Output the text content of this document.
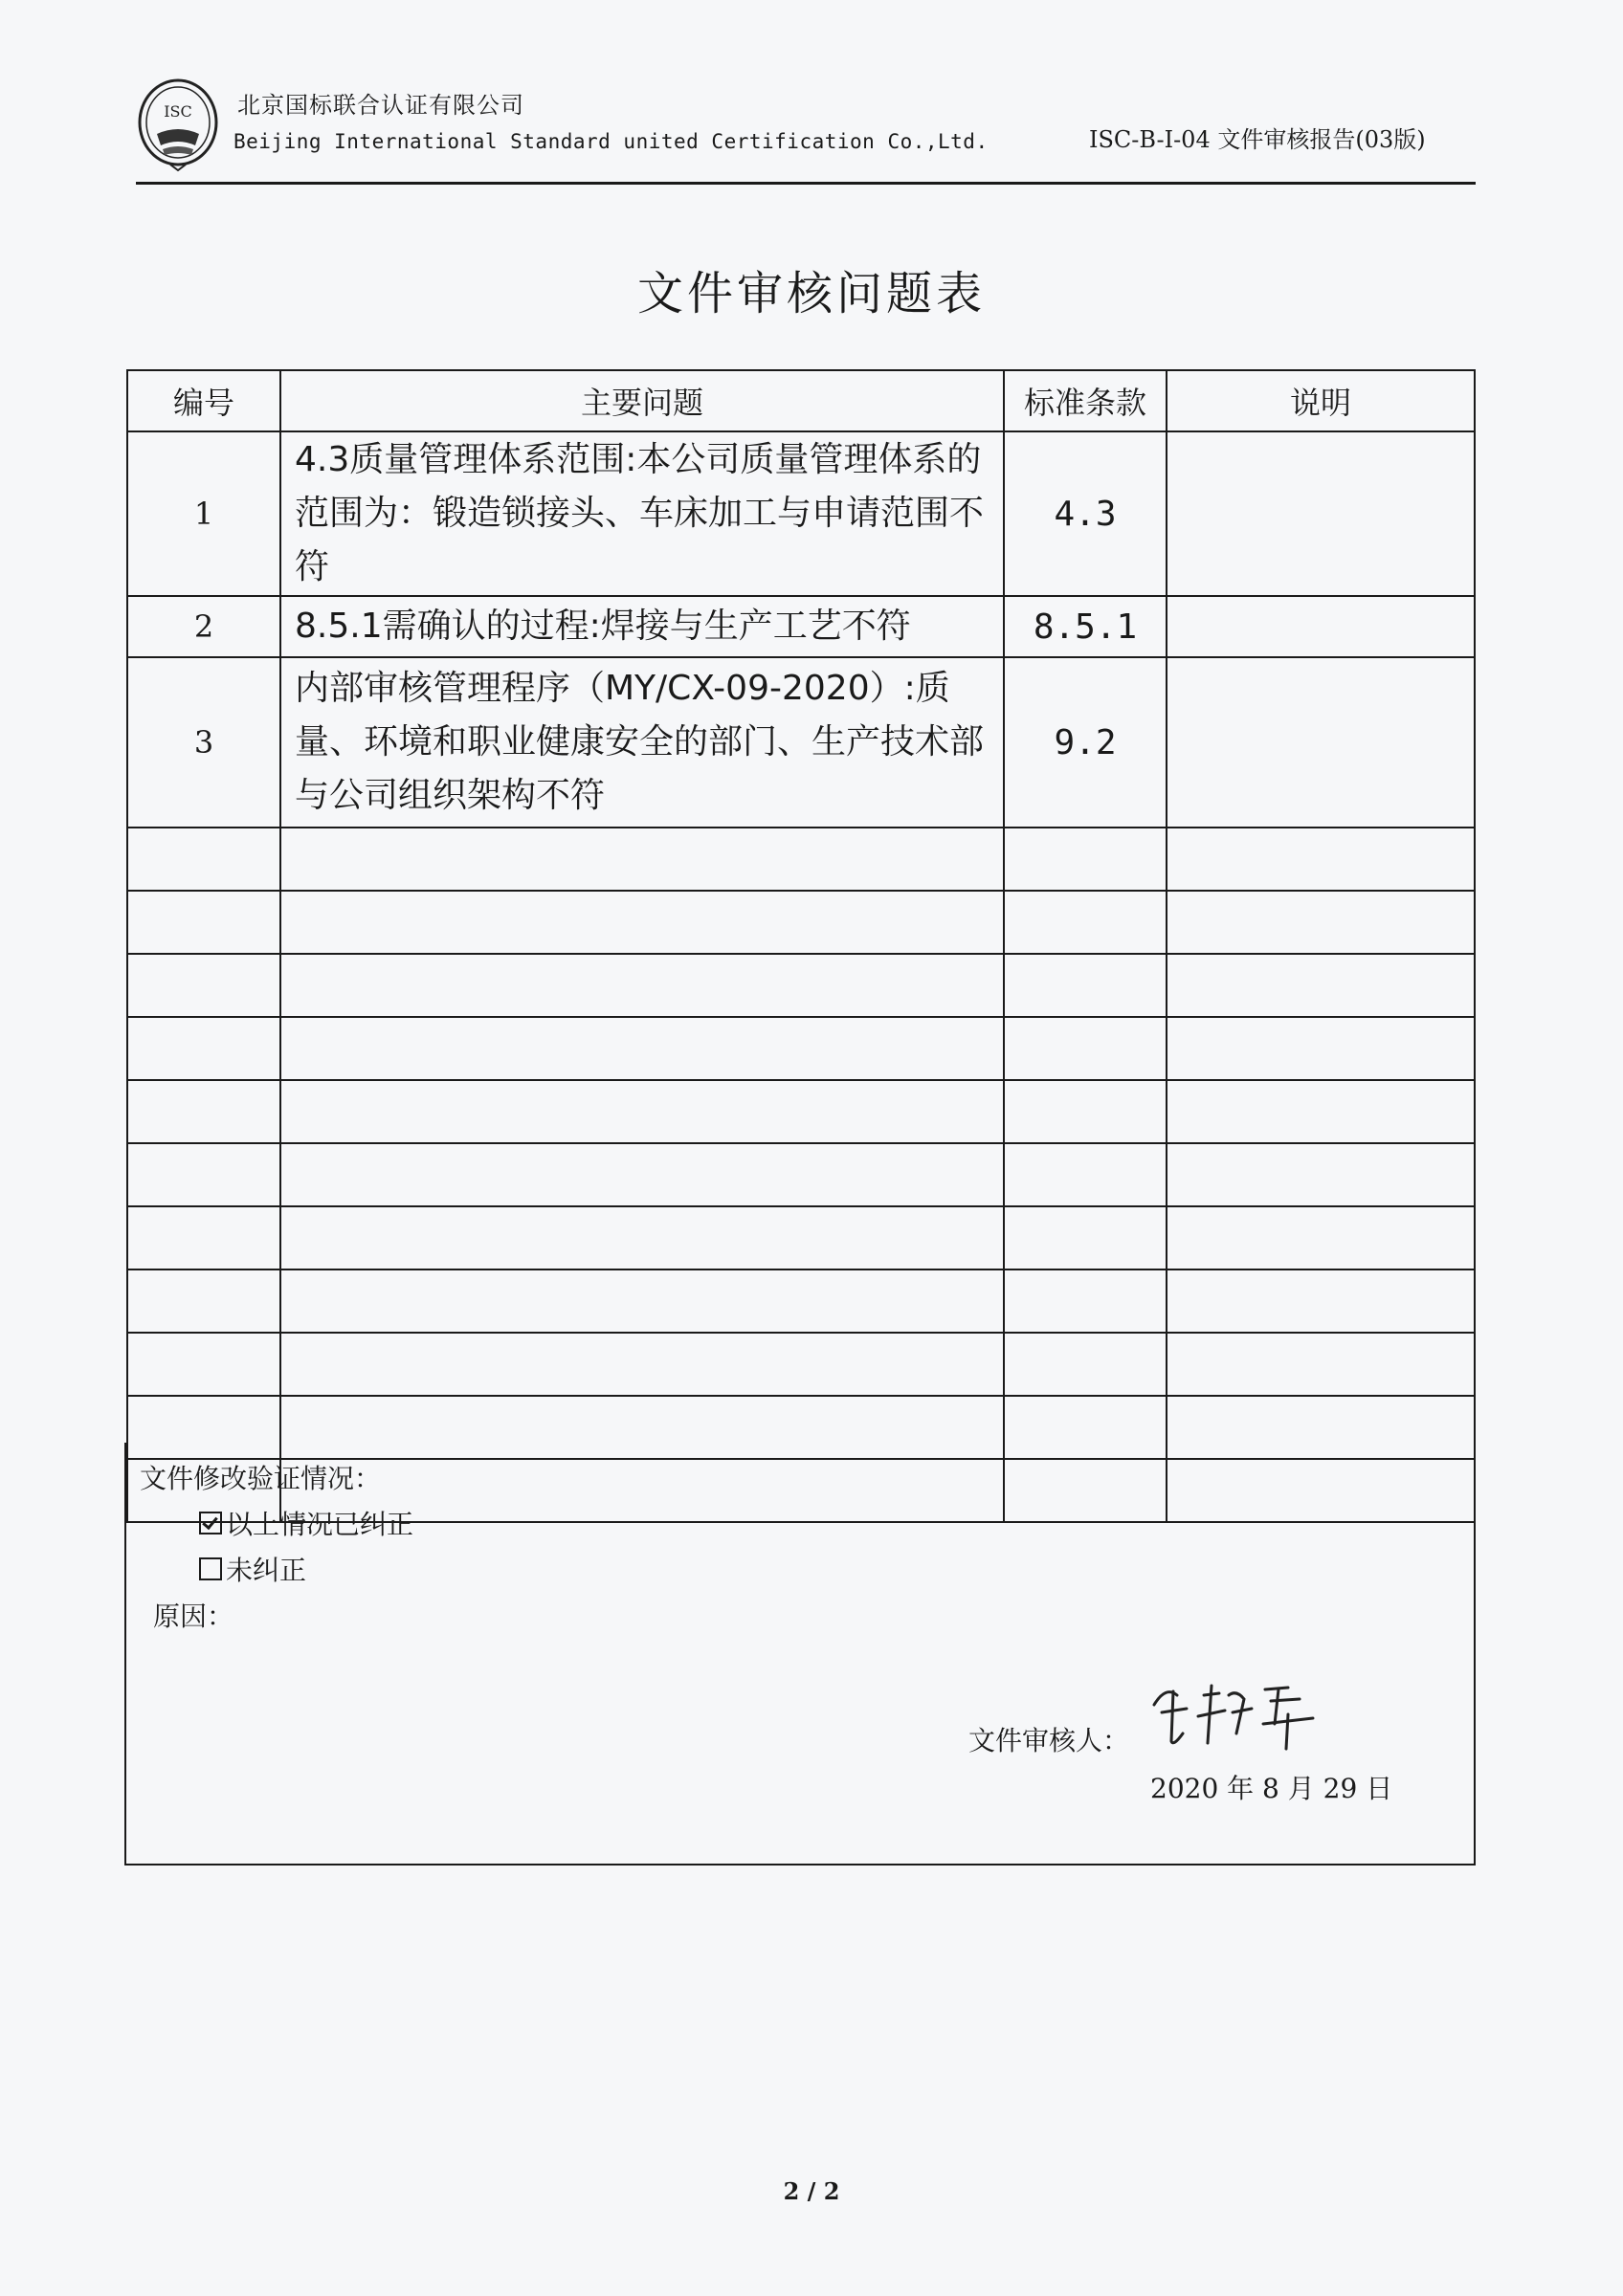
ISC 北京国标联合认证有限公司
Beijing International Standard united Certification Co.,Ltd.	ISC-B-I-04 文件审核报告(03版)
文件审核问题表
编号	主要问题	标准条款	说明
1	4.3质量管理体系范围:本公司质量管理体系的范围为：锻造锁接头、车床加工与申请范围不符	4.3	
2	8.5.1需确认的过程:焊接与生产工艺不符	8.5.1	
3	内部审核管理程序（MY/CX-09-2020）:质量、环境和职业健康安全的部门、生产技术部与公司组织架构不符	9.2	

文件修改验证情况：
以上情况已纠正
未纠正
原因：
文件审核人：
2020 年 8 月 29 日
2 / 2
